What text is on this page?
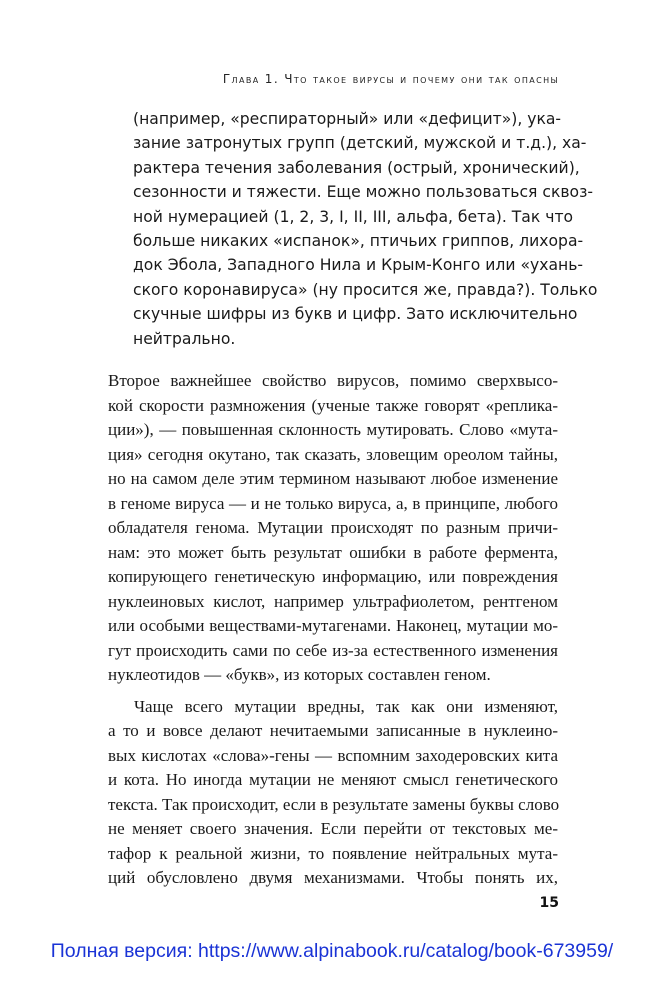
Глава 1. Что такое вирусы и почему они так опасны
(например, «респираторный» или «дефицит»), ука-
зание затронутых групп (детский, мужской и т.д.), ха-
рактера течения заболевания (острый, хронический),
сезонности и тяжести. Еще можно пользоваться сквоз-
ной нумерацией (1, 2, 3, I, II, III, альфа, бета). Так что
больше никаких «испанок», птичьих гриппов, лихора-
док Эбола, Западного Нила и Крым-Конго или «ухань-
ского коронавируса» (ну просится же, правда?). Только
скучные шифры из букв и цифр. Зато исключительно
нейтрально.
Второе важнейшее свойство вирусов, помимо сверхвысо-
кой скорости размножения (ученые также говорят «реплика-
ции»), — повышенная склонность мутировать. Слово «мута-
ция» сегодня окутано, так сказать, зловещим ореолом тайны,
но на самом деле этим термином называют любое изменение
в геноме вируса — и не только вируса, а, в принципе, любого
обладателя генома. Мутации происходят по разным причи-
нам: это может быть результат ошибки в работе фермента,
копирующего генетическую информацию, или повреждения
нуклеиновых кислот, например ультрафиолетом, рентгеном
или особыми веществами-мутагенами. Наконец, мутации мо-
гут происходить сами по себе из-за естественного изменения
нуклеотидов — «букв», из которых составлен геном.
Чаще всего мутации вредны, так как они изменяют,
а то и вовсе делают нечитаемыми записанные в нуклеино-
вых кислотах «слова»-гены — вспомним заходеровских кита
и кота. Но иногда мутации не меняют смысл генетического
текста. Так происходит, если в результате замены буквы слово
не меняет своего значения. Если перейти от текстовых ме-
тафор к реальной жизни, то появление нейтральных мута-
ций обусловлено двумя механизмами. Чтобы понять их,
15
Полная версия: https://www.alpinabook.ru/catalog/book-673959/
